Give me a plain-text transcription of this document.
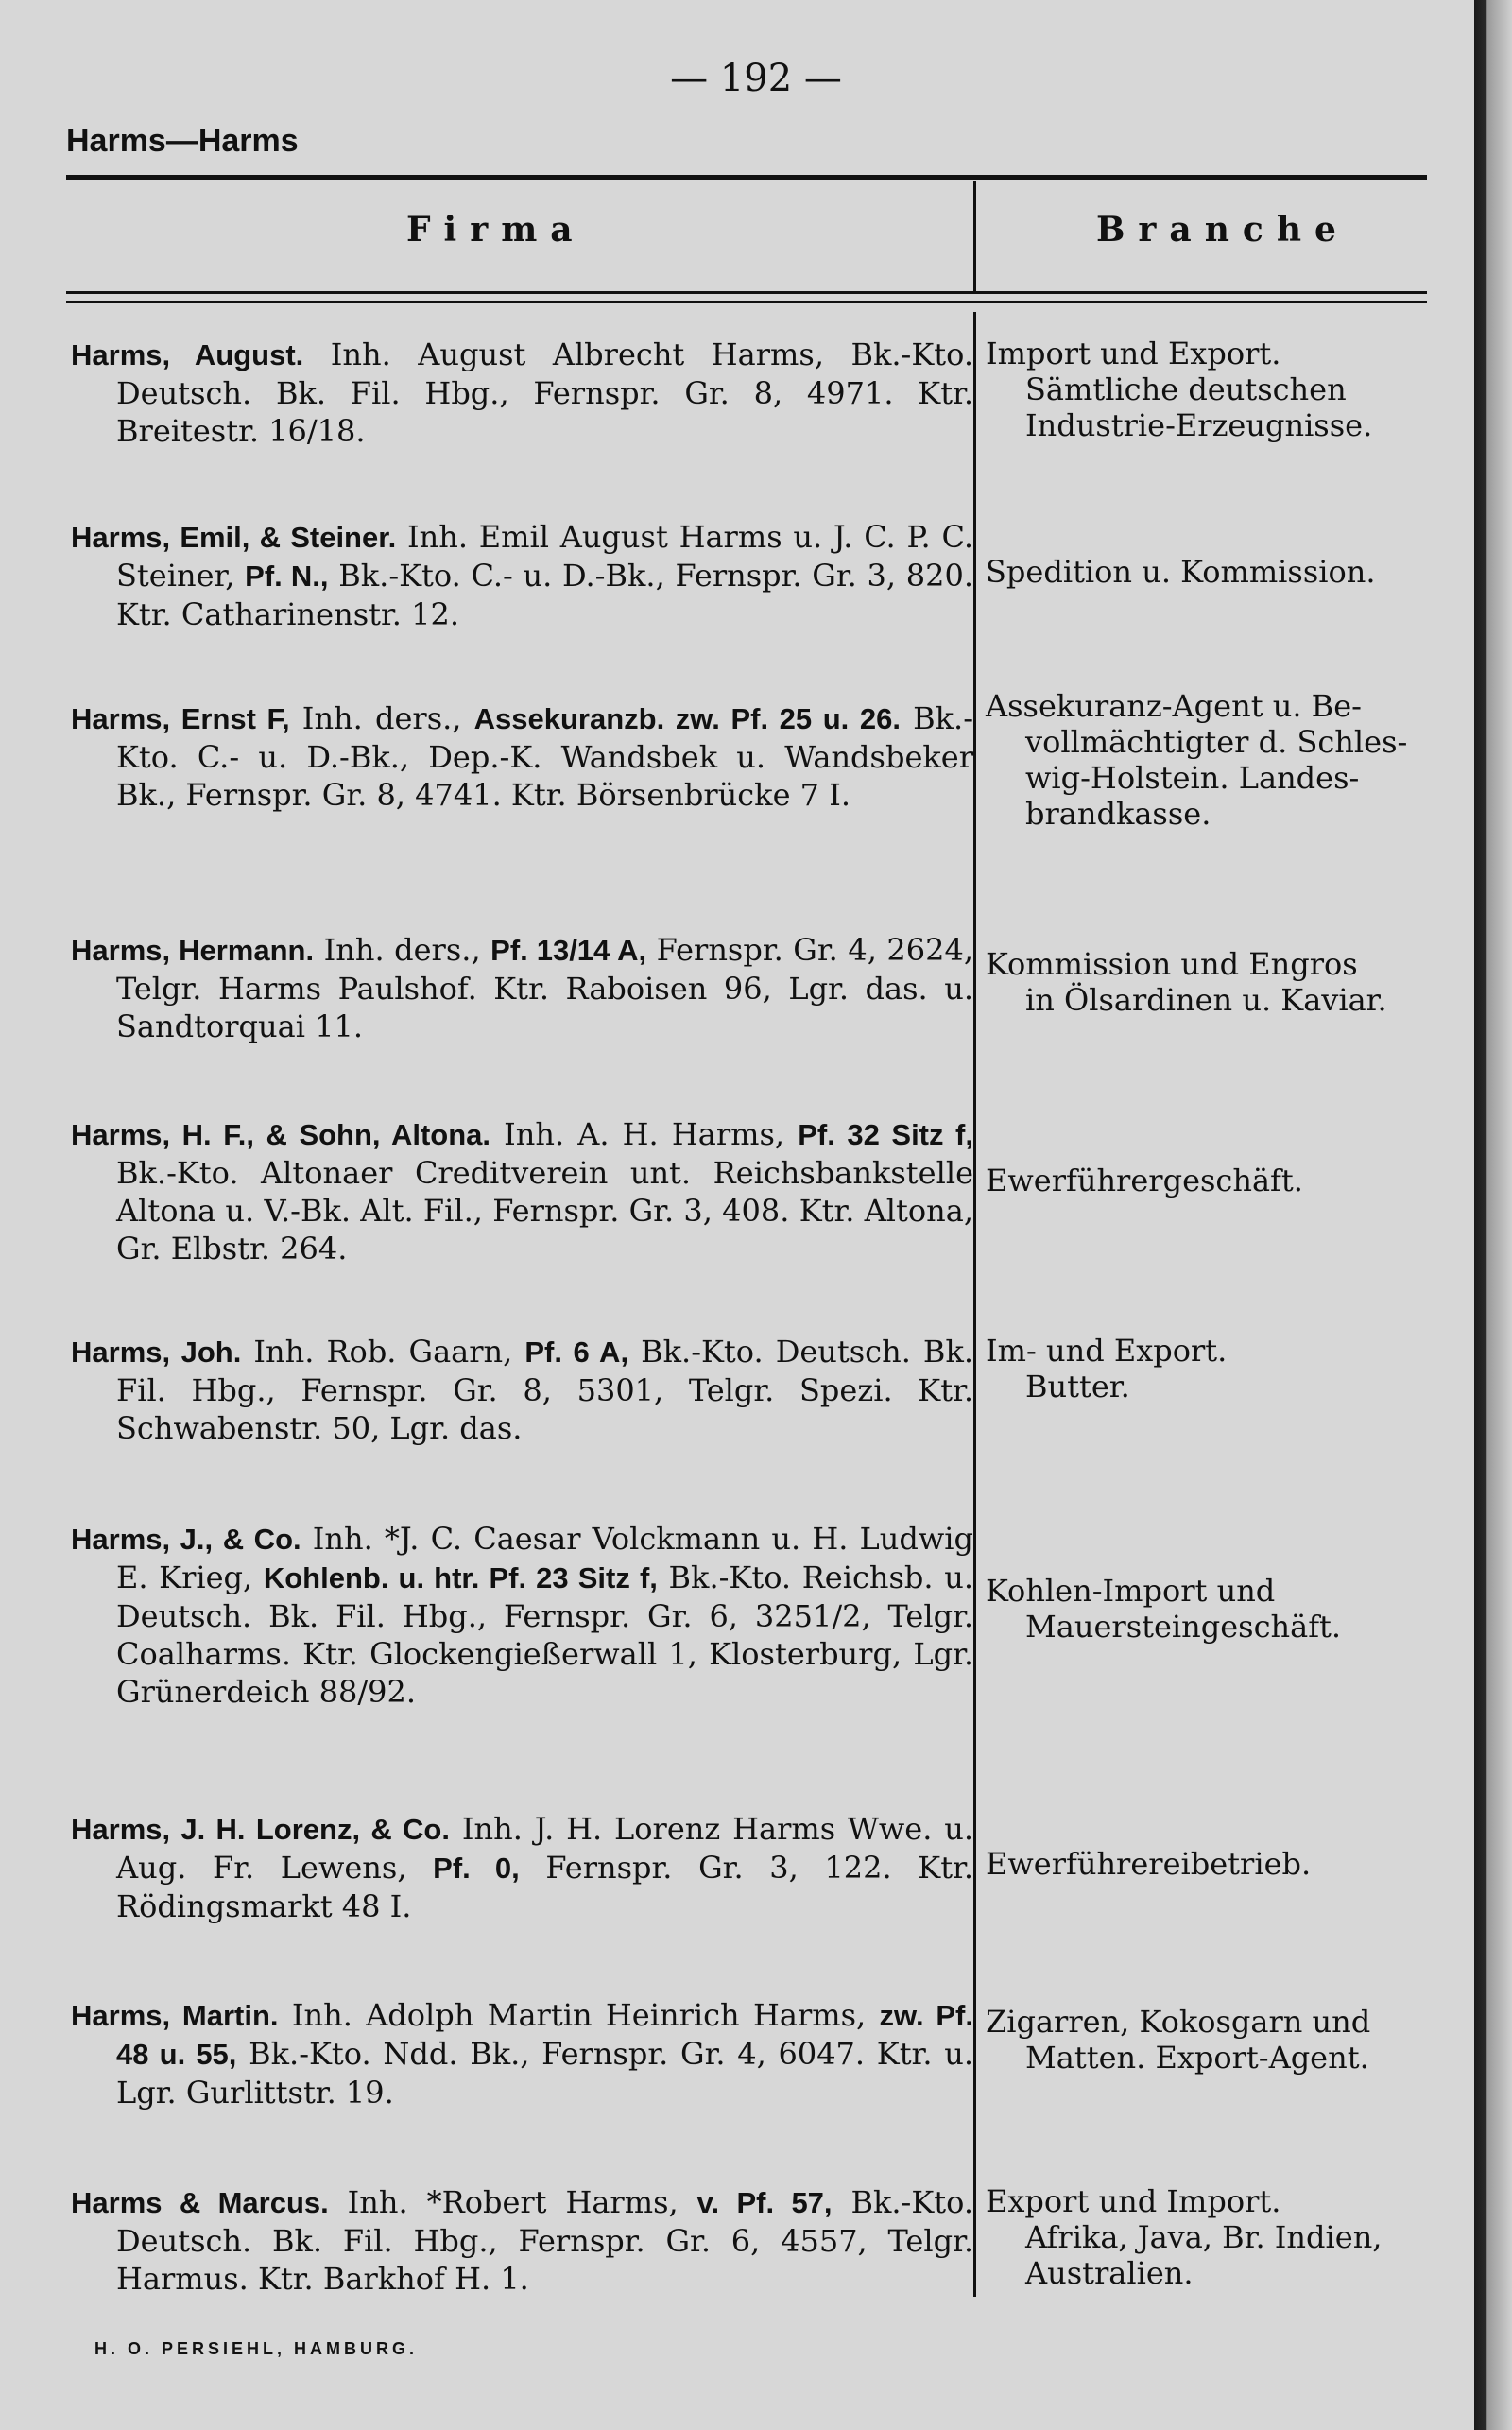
— 192 —
Harms—Harms
Firma	Branche
Harms, August. Inh. August Albrecht Harms, Bk.-Kto. Deutsch. Bk. Fil. Hbg., Fernspr. Gr. 8, 4971. Ktr. Breitestr. 16/18.
Import und Export.
Sämtliche deutschen
Industrie-Erzeugnisse.
Harms, Emil, & Steiner. Inh. Emil August Harms u. J. C. P. C. Steiner, Pf. N., Bk.-Kto. C.- u. D.-Bk., Fernspr. Gr. 3, 820. Ktr. Catharinenstr. 12.
Spedition u. Kommission.
Harms, Ernst F, Inh. ders., Assekuranzb. zw. Pf. 25 u. 26. Bk.-Kto. C.- u. D.-Bk., Dep.-K. Wandsbek u. Wandsbeker Bk., Fernspr. Gr. 8, 4741. Ktr. Börsenbrücke 7 I.
Assekuranz-Agent u. Be-
vollmächtigter d. Schles-
wig-Holstein. Landes-
brandkasse.
Harms, Hermann. Inh. ders., Pf. 13/14 A, Fernspr. Gr. 4, 2624, Telgr. Harms Paulshof. Ktr. Raboisen 96, Lgr. das. u. Sandtorquai 11.
Kommission und Engros
in Ölsardinen u. Kaviar.
Harms, H. F., & Sohn, Altona. Inh. A. H. Harms, Pf. 32 Sitz f, Bk.-Kto. Altonaer Creditverein unt. Reichsbankstelle Altona u. V.-Bk. Alt. Fil., Fernspr. Gr. 3, 408. Ktr. Altona, Gr. Elbstr. 264.
Ewerführergeschäft.
Harms, Joh. Inh. Rob. Gaarn, Pf. 6 A, Bk.-Kto. Deutsch. Bk. Fil. Hbg., Fernspr. Gr. 8, 5301, Telgr. Spezi. Ktr. Schwabenstr. 50, Lgr. das.
Im- und Export.
Butter.
Harms, J., & Co. Inh. *J. C. Caesar Volckmann u. H. Ludwig E. Krieg, Kohlenb. u. htr. Pf. 23 Sitz f, Bk.-Kto. Reichsb. u. Deutsch. Bk. Fil. Hbg., Fernspr. Gr. 6, 3251/2, Telgr. Coalharms. Ktr. Glockengießerwall 1, Klosterburg, Lgr. Grünerdeich 88/92.
Kohlen-Import und
Mauersteingeschäft.
Harms, J. H. Lorenz, & Co. Inh. J. H. Lorenz Harms Wwe. u. Aug. Fr. Lewens, Pf. 0, Fernspr. Gr. 3, 122. Ktr. Rödingsmarkt 48 I.
Ewerführereibetrieb.
Harms, Martin. Inh. Adolph Martin Heinrich Harms, zw. Pf. 48 u. 55, Bk.-Kto. Ndd. Bk., Fernspr. Gr. 4, 6047. Ktr. u. Lgr. Gurlittstr. 19.
Zigarren, Kokosgarn und
Matten. Export-Agent.
Harms & Marcus. Inh. *Robert Harms, v. Pf. 57, Bk.-Kto. Deutsch. Bk. Fil. Hbg., Fernspr. Gr. 6, 4557, Telgr. Harmus. Ktr. Barkhof H. 1.
Export und Import.
Afrika, Java, Br. Indien,
Australien.
H. O. PERSIEHL, HAMBURG.
